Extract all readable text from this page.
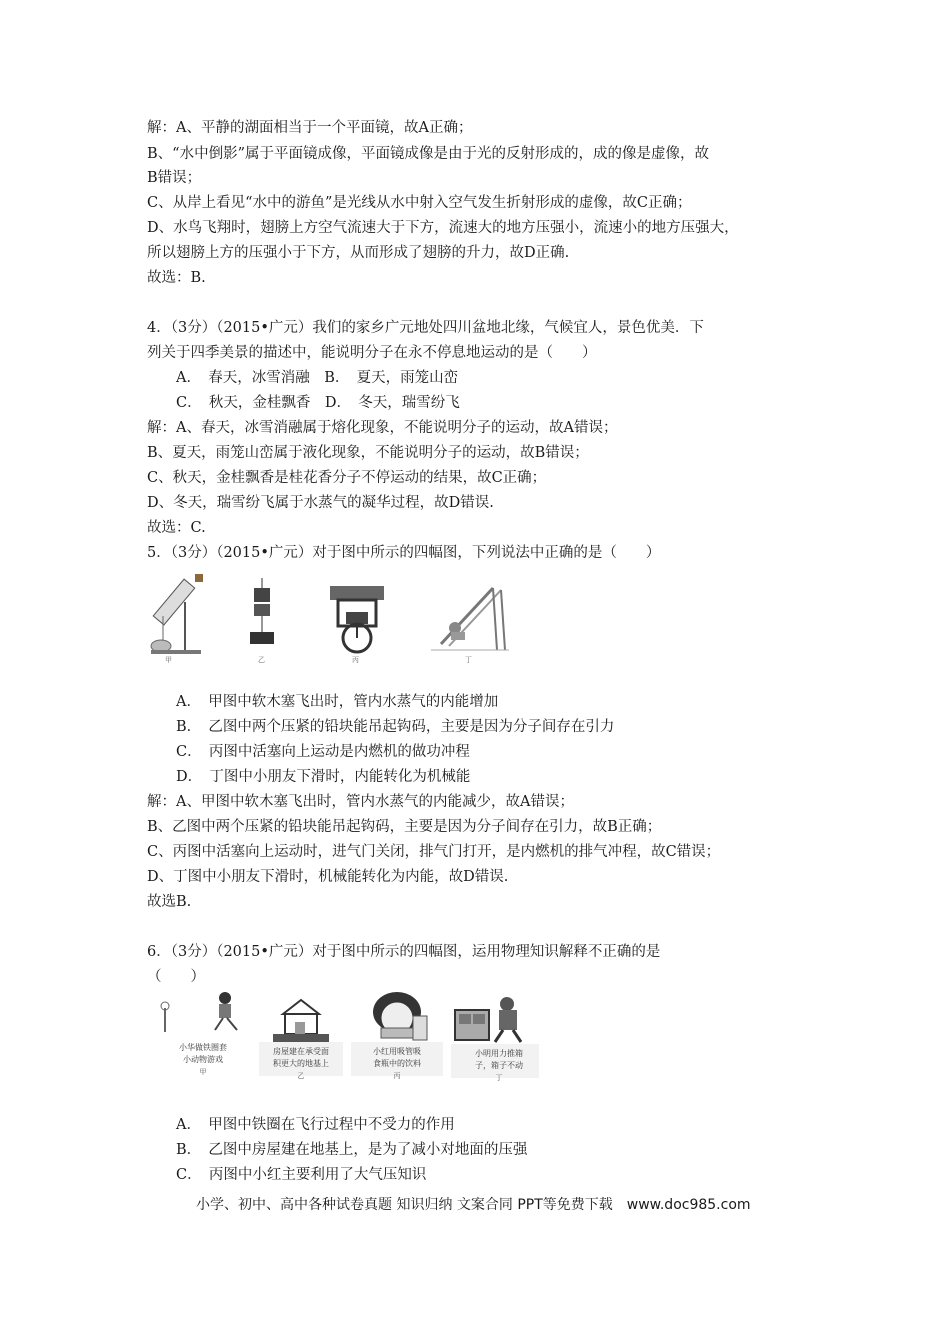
解：A、平静的湖面相当于一个平面镜，故A正确；
B、“水中倒影”属于平面镜成像，平面镜成像是由于光的反射形成的，成的像是虚像，故
B错误；
C、从岸上看见“水中的游鱼”是光线从水中射入空气发生折射形成的虚像，故C正确；
D、水鸟飞翔时，翅膀上方空气流速大于下方，流速大的地方压强小，流速小的地方压强大，
所以翅膀上方的压强小于下方，从而形成了翅膀的升力，故D正确.
故选：B.
4．（3分）（2015•广元）我们的家乡广元地处四川盆地北缘，气候宜人，景色优美．下
列关于四季美景的描述中，能说明分子在永不停息地运动的是（　　）
A．　春天，冰雪消融　B．　夏天，雨笼山峦
C．　秋天，金桂飘香　D．　冬天，瑞雪纷飞
解：A、春天，冰雪消融属于熔化现象，不能说明分子的运动，故A错误；
B、夏天，雨笼山峦属于液化现象，不能说明分子的运动，故B错误；
C、秋天，金桂飘香是桂花香分子不停运动的结果，故C正确；
D、冬天，瑞雪纷飞属于水蒸气的凝华过程，故D错误.
故选：C.
5．（3分）（2015•广元）对于图中所示的四幅图，下列说法中正确的是（　　）
甲	乙	丙	丁
A．　甲图中软木塞飞出时，管内水蒸气的内能增加
B．　乙图中两个压紧的铅块能吊起钩码，主要是因为分子间存在引力
C．　丙图中活塞向上运动是内燃机的做功冲程
D．　丁图中小朋友下滑时，内能转化为机械能
解：A、甲图中软木塞飞出时，管内水蒸气的内能减少，故A错误；
B、乙图中两个压紧的铅块能吊起钩码，主要是因为分子间存在引力，故B正确；
C、丙图中活塞向上运动时，进气门关闭，排气门打开，是内燃机的排气冲程，故C错误；
D、丁图中小朋友下滑时，机械能转化为内能，故D错误.
故选B.
6．（3分）（2015•广元）对于图中所示的四幅图，运用物理知识解释不正确的是
（　　）
小华做铁圈套
小动物游戏
甲
房屋建在承受面
积更大的地基上
乙
小红用吸管吸
食瓶中的饮料
丙
小明用力推箱
子，箱子不动
丁
A．　甲图中铁圈在飞行过程中不受力的作用
B．　乙图中房屋建在地基上，是为了减小对地面的压强
C．　丙图中小红主要利用了大气压知识
小学、初中、高中各种试卷真题 知识归纳 文案合同 PPT等免费下载　www.doc985.com
